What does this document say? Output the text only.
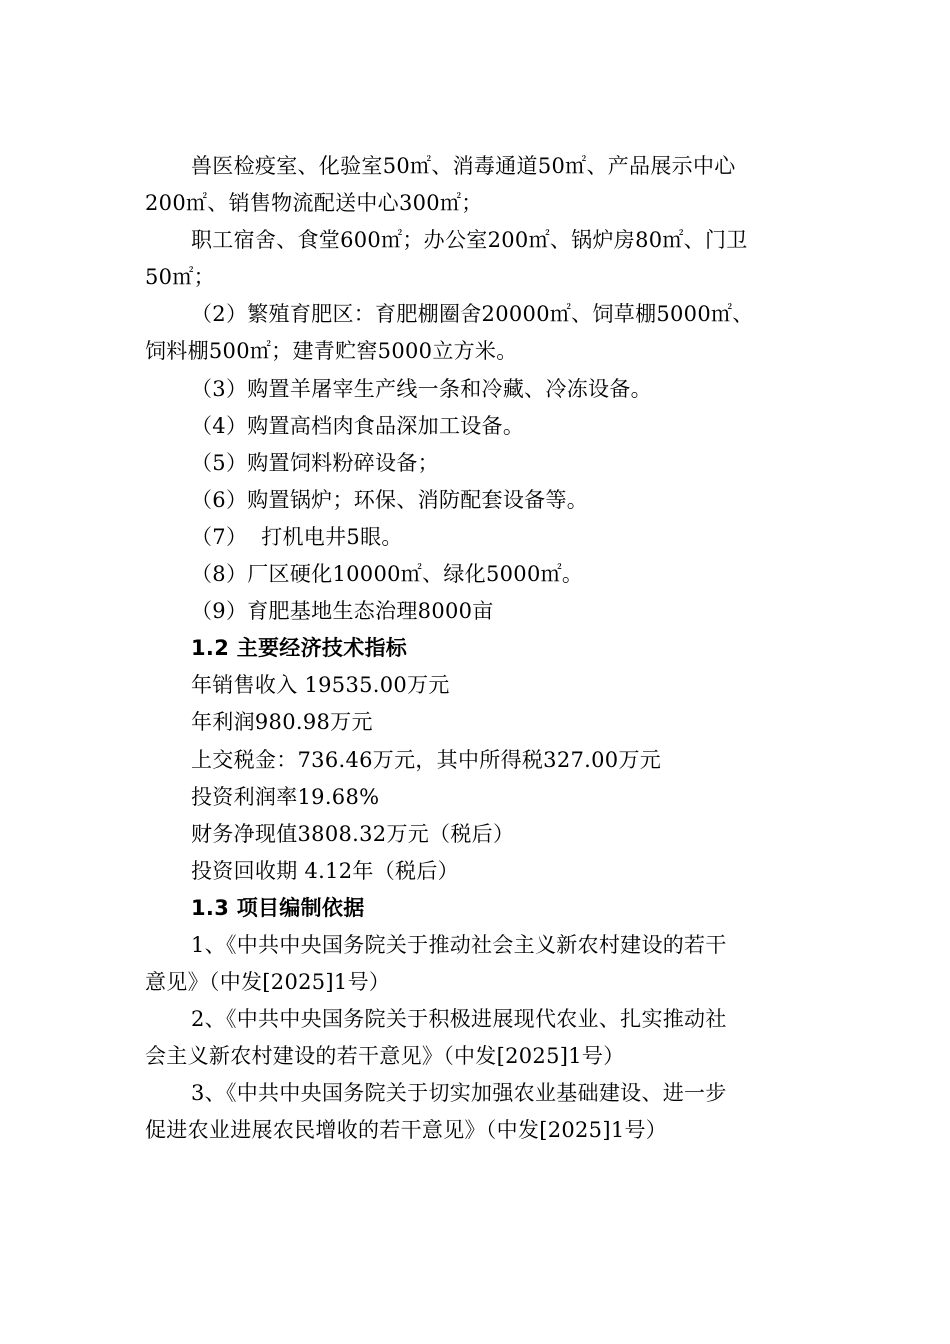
兽医检疫室、化验室50㎡、消毒通道50㎡、产品展示中心
200㎡、销售物流配送中心300㎡；
职工宿舍、食堂600㎡；办公室200㎡、锅炉房80㎡、门卫
50㎡；
（2）繁殖育肥区：育肥棚圈舍20000㎡、饲草棚5000㎡、
饲料棚500㎡；建青贮窖5000立方米。
（3）购置羊屠宰生产线一条和冷藏、冷冻设备。
（4）购置高档肉食品深加工设备。
（5）购置饲料粉碎设备；
（6）购置锅炉；环保、消防配套设备等。
（7）  打机电井5眼。
（8）厂区硬化10000㎡、绿化5000㎡。
（9）育肥基地生态治理8000亩
1.2 主要经济技术指标
年销售收入 19535.00万元
年利润980.98万元
上交税金：736.46万元，其中所得税327.00万元
投资利润率19.68%
财务净现值3808.32万元（税后）
投资回收期 4.12年（税后）
1.3 项目编制依据
1、《中共中央国务院关于推动社会主义新农村建设的若干
意见》（中发[2025]1号）
2、《中共中央国务院关于积极进展现代农业、扎实推动社
会主义新农村建设的若干意见》（中发[2025]1号）
3、《中共中央国务院关于切实加强农业基础建设、进一步
促进农业进展农民增收的若干意见》（中发[2025]1号）
